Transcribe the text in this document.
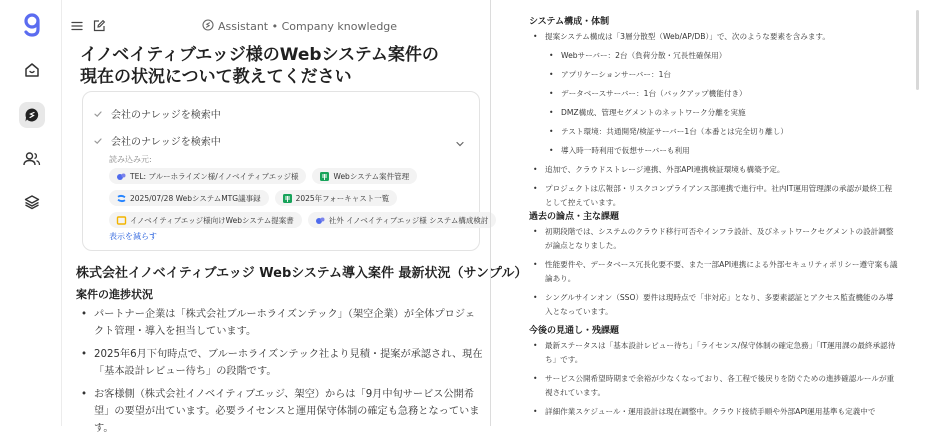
Assistant • Company knowledge
イノベイティブエッジ様のWebシステム案件の
現在の状況について教えてください
会社のナレッジを検索中
会社のナレッジを検索中
読み込み元:
TEL: ブルーホライズン様/イノベイティブエッジ様	Webシステム案件管理
2025/07/28 WebシステムMTG議事録	2025年フォーキャスト一覧
イノベイティブエッジ様向けWebシステム提案書	社外 イノベイティブエッジ様 システム構成検討
表示を減らす
株式会社イノベイティブエッジ Webシステム導入案件 最新状況（サンプル）
案件の進捗状況
• パートナー企業は「株式会社ブルーホライズンテック」（架空企業）が全体プロジェクト管理・導入を担当しています。
• 2025年6月下旬時点で、ブルーホライズンテック社より見積・提案が承認され、現在「基本設計レビュー待ち」の段階です。
• お客様側（株式会社イノベイティブエッジ、架空）からは「9月中旬サービス公開希望」の要望が出ています。必要ライセンスと運用保守体制の確定も急務となっています。
システム構成・体制
• 提案システム構成は「3層分散型（Web/AP/DB）」で、次のような要素を含みます。
• Webサーバー：2台（負荷分散・冗長性確保用）
• アプリケーションサーバー：1台
• データベースサーバー：1台（バックアップ機能付き）
• DMZ構成、管理セグメントのネットワーク分離を実施
• テスト環境：共通開発/検証サーバー1台（本番とは完全切り離し）
• 導入時一時利用で仮想サーバーも利用
• 追加で、クラウドストレージ連携、外部API連携検証環境も構築予定。
• プロジェクトは広報部・リスクコンプライアンス部連携で進行中。社内IT運用管理課の承認が最終工程として控えています。
過去の論点・主な課題
• 初期段階では、システムのクラウド移行可否やインフラ設計、及びネットワークセグメントの設計調整が論点となりました。
• 性能要件や、データベース冗長化要不要、また一部API連携による外部セキュリティポリシー遵守案も議論あり。
• シングルサインオン（SSO）要件は現時点で「非対応」となり、多要素認証とアクセス監査機能のみ導入となっています。
今後の見通し・残課題
• 最新ステータスは「基本設計レビュー待ち」「ライセンス/保守体制の確定急務」「IT運用課の最終承認待ち」です。
• サービス公開希望時期まで余裕が少なくなっており、各工程で後戻りを防ぐための進捗確認ルールが重視されています。
• 詳細作業スケジュール・運用設計は現在調整中。クラウド接続手順や外部API運用基準も定義中で
